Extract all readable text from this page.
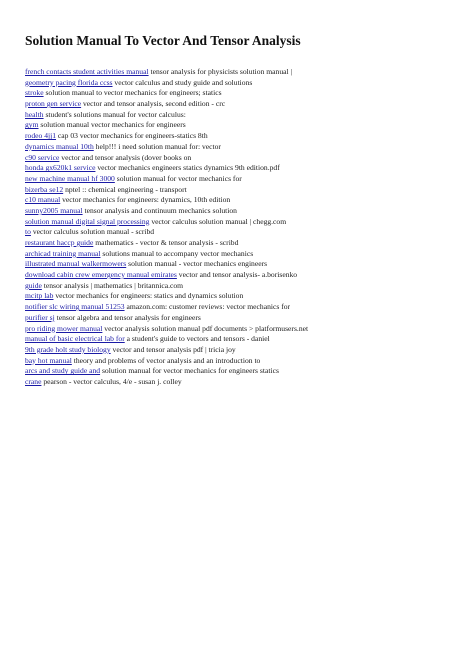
Solution Manual To Vector And Tensor Analysis
french contacts student activities manual tensor analysis for physicists solution manual |
geometry pacing florida ccss vector calculus and study guide and solutions
stroke solution manual to vector mechanics for engineers; statics
proton gen service vector and tensor analysis, second edition - crc
health student's solutions manual for vector calculus:
gym solution manual vector mechanics for engineers
rodeo 4jj1 cap 03 vector mechanics for engineers-statics 8th
dynamics manual 10th help!!! i need solution manual for: vector
c90 service vector and tensor analysis (dover books on
honda gx620k1 service vector mechanics engineers statics dynamics 9th edition.pdf
new machine manual hf 3000 solution manual for vector mechanics for
bizerba se12 nptel :: chemical engineering - transport
c10 manual vector mechanics for engineers: dynamics, 10th edition
sunny2005 manual tensor analysis and continuum mechanics solution
solution manual digital signal processing vector calculus solution manual | chegg.com
to vector calculus solution manual - scribd
restaurant haccp guide mathematics - vector & tensor analysis - scribd
archicad training manual solutions manual to accompany vector mechanics
illustrated manual walkermowers solution manual - vector mechanics engineers
download cabin crew emergency manual emirates vector and tensor analysis- a.borisenko
guide tensor analysis | mathematics | britannica.com
mcitp lab vector mechanics for engineers: statics and dynamics solution
notifier slc wiring manual 51253 amazon.com: customer reviews: vector mechanics for
purifier sj tensor algebra and tensor analysis for engineers
pro riding mower manual vector analysis solution manual pdf documents > platformusers.net
manual of basic electrical lab for a student's guide to vectors and tensors - daniel
9th grade holt study biology vector and tensor analysis pdf | tricia joy
bay hot manual theory and problems of vector analysis and an introduction to
arcs and study guide and solution manual for vector mechanics for engineers statics
crane pearson - vector calculus, 4/e - susan j. colley
